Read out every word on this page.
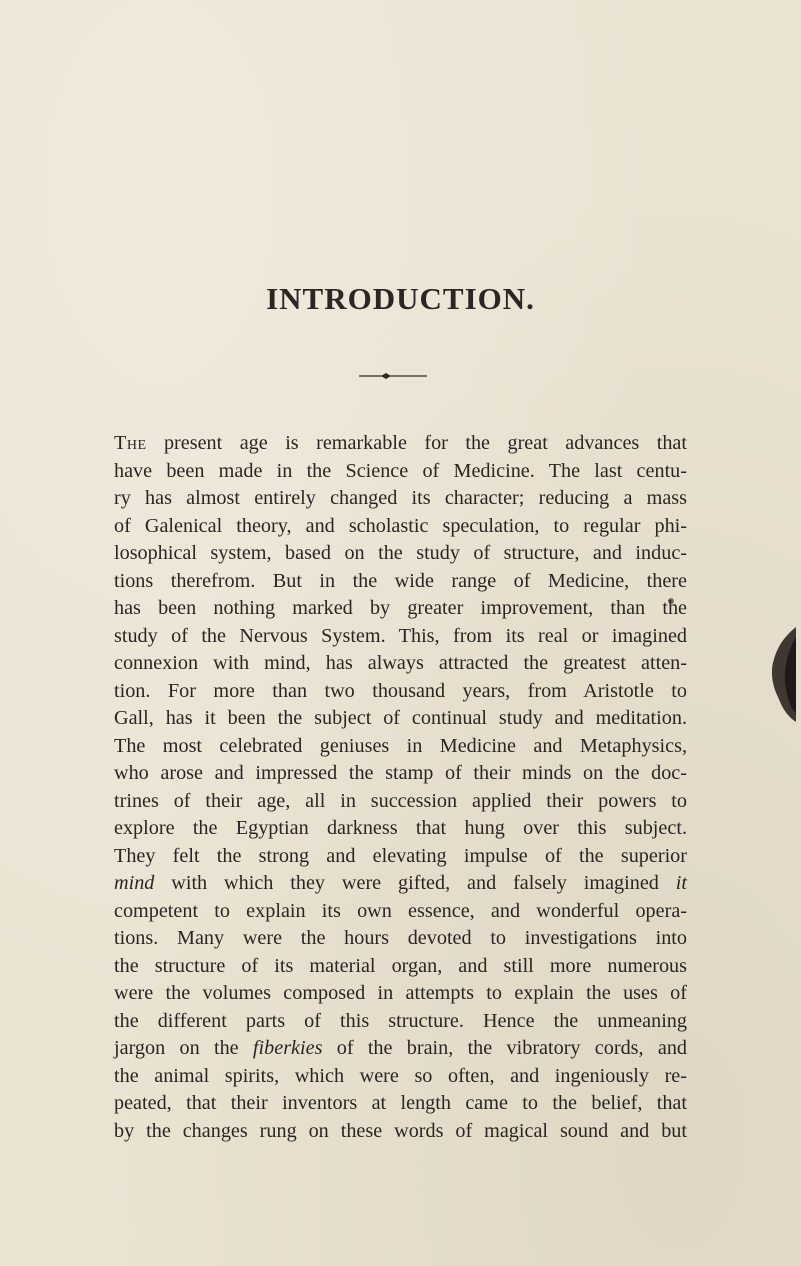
INTRODUCTION.
The present age is remarkable for the great advances that
have been made in the Science of Medicine. The last centu-
ry has almost entirely changed its character; reducing a mass
of Galenical theory, and scholastic speculation, to regular phi-
losophical system, based on the study of structure, and induc-
tions therefrom. But in the wide range of Medicine, there
has been nothing marked by greater improvement, than the
study of the Nervous System. This, from its real or imagined
connexion with mind, has always attracted the greatest atten-
tion. For more than two thousand years, from Aristotle to
Gall, has it been the subject of continual study and meditation.
The most celebrated geniuses in Medicine and Metaphysics,
who arose and impressed the stamp of their minds on the doc-
trines of their age, all in succession applied their powers to
explore the Egyptian darkness that hung over this subject.
They felt the strong and elevating impulse of the superior
mind with which they were gifted, and falsely imagined it
competent to explain its own essence, and wonderful opera-
tions. Many were the hours devoted to investigations into
the structure of its material organ, and still more numerous
were the volumes composed in attempts to explain the uses of
the different parts of this structure. Hence the unmeaning
jargon on the fiberkies of the brain, the vibratory cords, and
the animal spirits, which were so often, and ingeniously re-
peated, that their inventors at length came to the belief, that
by the changes rung on these words of magical sound and but
